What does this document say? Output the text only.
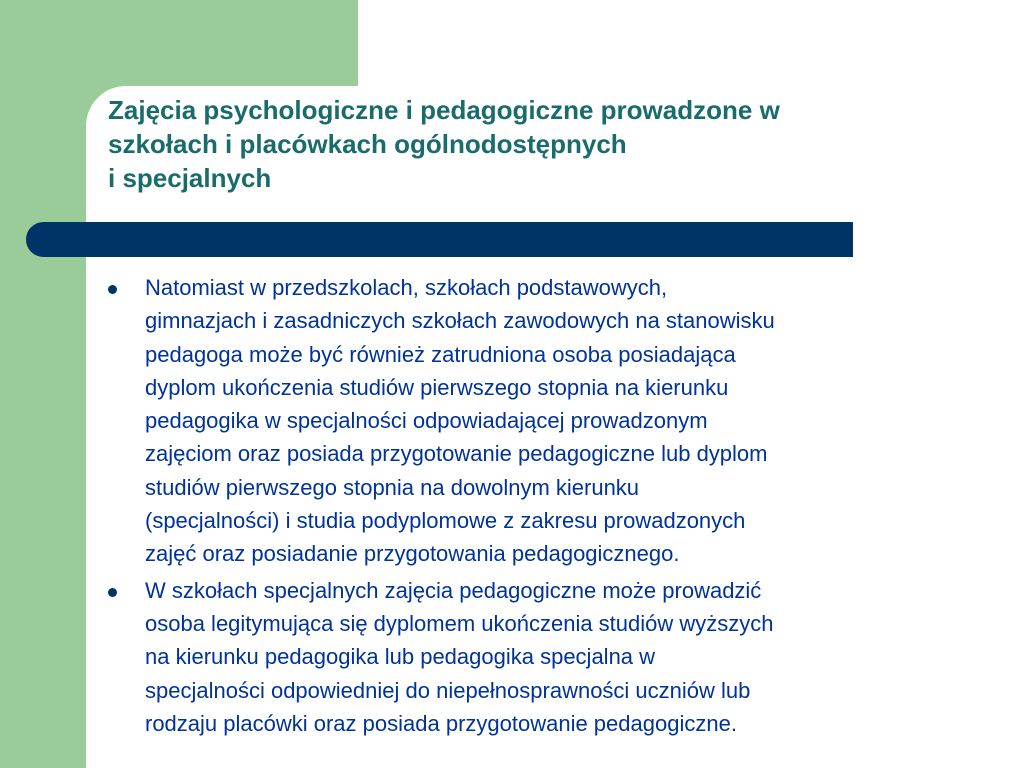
Zajęcia psychologiczne i pedagogiczne prowadzone w
szkołach i placówkach ogólnodostępnych
i specjalnych
Natomiast w przedszkolach, szkołach podstawowych,
gimnazjach i zasadniczych szkołach zawodowych na stanowisku
pedagoga może być również zatrudniona osoba posiadająca
dyplom ukończenia studiów pierwszego stopnia na kierunku
pedagogika w specjalności odpowiadającej prowadzonym
zajęciom oraz posiada przygotowanie pedagogiczne lub dyplom
studiów pierwszego stopnia na dowolnym kierunku
(specjalności) i studia podyplomowe z zakresu prowadzonych
zajęć oraz posiadanie przygotowania pedagogicznego.
W szkołach specjalnych zajęcia pedagogiczne może prowadzić
osoba legitymująca się dyplomem ukończenia studiów wyższych
na kierunku pedagogika lub pedagogika specjalna w
specjalności odpowiedniej do niepełnosprawności uczniów lub
rodzaju placówki oraz posiada przygotowanie pedagogiczne.
